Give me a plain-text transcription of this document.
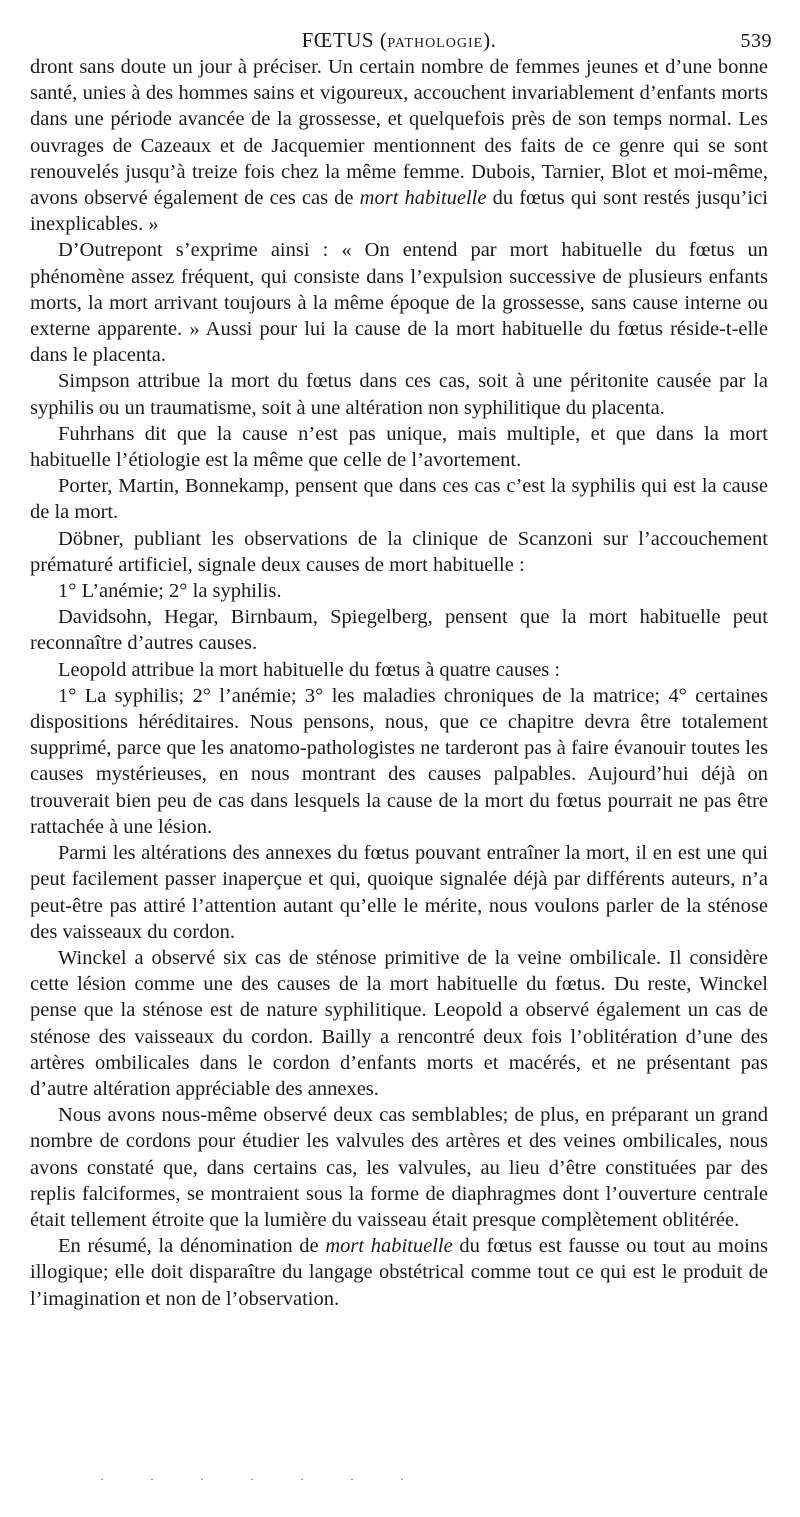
FŒTUS (PATHOLOGIE).	539

dront sans doute un jour à préciser. Un certain nombre de femmes jeunes et d’une bonne santé, unies à des hommes sains et vigoureux, accouchent invariablement d’enfants morts dans une période avancée de la grossesse, et quelquefois près de son temps normal. Les ouvrages de Cazeaux et de Jacquemier mentionnent des faits de ce genre qui se sont renouvelés jusqu’à treize fois chez la même femme. Dubois, Tarnier, Blot et moi-même, avons observé également de ces cas de mort habituelle du fœtus qui sont restés jusqu’ici inexplicables. »

D’Outrepont s’exprime ainsi : « On entend par mort habituelle du fœtus un phénomène assez fréquent, qui consiste dans l’expulsion successive de plusieurs enfants morts, la mort arrivant toujours à la même époque de la grossesse, sans cause interne ou externe apparente. » Aussi pour lui la cause de la mort habituelle du fœtus réside-t-elle dans le placenta.

Simpson attribue la mort du fœtus dans ces cas, soit à une péritonite causée par la syphilis ou un traumatisme, soit à une altération non syphilitique du placenta.

Fuhrhans dit que la cause n’est pas unique, mais multiple, et que dans la mort habituelle l’étiologie est la même que celle de l’avortement.

Porter, Martin, Bonnekamp, pensent que dans ces cas c’est la syphilis qui est la cause de la mort.

Döbner, publiant les observations de la clinique de Scanzoni sur l’accouchement prématuré artificiel, signale deux causes de mort habituelle :

1° L’anémie; 2° la syphilis.

Davidsohn, Hegar, Birnbaum, Spiegelberg, pensent que la mort habituelle peut reconnaître d’autres causes.

Leopold attribue la mort habituelle du fœtus à quatre causes :

1° La syphilis; 2° l’anémie; 3° les maladies chroniques de la matrice; 4° certaines dispositions héréditaires. Nous pensons, nous, que ce chapitre devra être totalement supprimé, parce que les anatomo-pathologistes ne tarderont pas à faire évanouir toutes les causes mystérieuses, en nous montrant des causes palpables. Aujourd’hui déjà on trouverait bien peu de cas dans lesquels la cause de la mort du fœtus pourrait ne pas être rattachée à une lésion.

Parmi les altérations des annexes du fœtus pouvant entraîner la mort, il en est une qui peut facilement passer inaperçue et qui, quoique signalée déjà par différents auteurs, n’a peut-être pas attiré l’attention autant qu’elle le mérite, nous voulons parler de la sténose des vaisseaux du cordon.

Winckel a observé six cas de sténose primitive de la veine ombilicale. Il considère cette lésion comme une des causes de la mort habituelle du fœtus. Du reste, Winckel pense que la sténose est de nature syphilitique. Leopold a observé également un cas de sténose des vaisseaux du cordon. Bailly a rencontré deux fois l’oblitération d’une des artères ombilicales dans le cordon d’enfants morts et macérés, et ne présentant pas d’autre altération appréciable des annexes.

Nous avons nous-même observé deux cas semblables; de plus, en préparant un grand nombre de cordons pour étudier les valvules des artères et des veines ombilicales, nous avons constaté que, dans certains cas, les valvules, au lieu d’être constituées par des replis falciformes, se montraient sous la forme de diaphragmes dont l’ouverture centrale était tellement étroite que la lumière du vaisseau était presque complètement oblitérée.

En résumé, la dénomination de mort habituelle du fœtus est fausse ou tout au moins illogique; elle doit disparaître du langage obstétrical comme tout ce qui est le produit de l’imagination et non de l’observation.

·······
